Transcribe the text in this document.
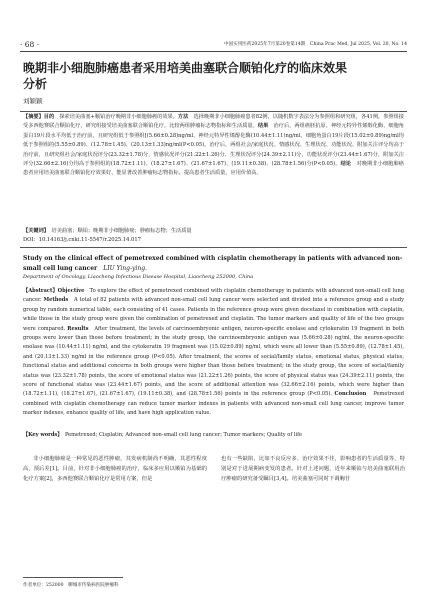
· 68 ·	中国实用医药2025年7月第20卷第14期　China Prac Med, Jul 2025, Vol. 20, No. 14
晚期非小细胞肺癌患者采用培美曲塞联合顺铂化疗的临床效果分析
刘颖颖

【摘要】目的　 探索培美曲塞+顺铂治疗晚期非小细胞肺癌的效果。方法　 选择晚期非小细胞肺癌患者82例，以随机数字表法分为参照组和研究组，各41例。参照组接受多西他赛联合顺铂化疗，研究组接受培美曲塞联合顺铂化疗。比较两组肿瘤标志物指标和生活质量。结果　 治疗后，两组癌胚抗原、神经元特异性烯醇化酶、细胞角蛋白19片段水平均低于治疗前，且研究组低于参照组[(5.66±0.28)ng/ml、神经元特异性烯醇化酶(10.44±1.11)ng/ml、细胞角蛋白19片段(15.02±0.89)ng/ml均低于参照组的(5.55±0.89)、(12.78±1.45)、(20.13±1.33)ng/ml(P<0.05)。治疗后，两组社会/家庭状况、情感状况、生理状况、功能状况、附加关注评分均高于治疗前，且研究组社会/家庭状况评分(23.32±1.78)分，情感状况评分(21.22±1.26)分，生理状况评分(24.39±2.11)分，功能状况评分(23.44±1.67)分，附加关注评分(32.66±2.16)分均高于参照组的(18.72±1.11)、(18.27±1.67)、(21.67±1.67)、(19.11±0.38)、(28.78±1.56)分(P<0.05)。结论　 对晚期非小细胞肺癌患者应用培美曲塞联合顺铂化疗效果好，能显著改善肿瘤标志物指标，提高患者生活质量，应用价值高。

【关键词】　 培美曲塞；顺铂；晚期非小细胞肺癌；肿瘤标志物；生活质量

DOI：10.14163/j.cnki.11-5547/r.2025.14.017

Study on the clinical effect of pemetrexed combined with cisplatin chemotherapy in patients with advanced non-small cell lung cancer　 LIU Ying-ying.

Department of Oncology, Liaocheng Infectious Disease Hospital, Liaocheng 252000, China

【Abstract】Objective　 To explore the effect of pemetrexed combined with cisplatin chemotherapy in patients with advanced non-small cell lung cancer. Methods　 A total of 82 patients with advanced non-small cell lung cancer were selected and divided into a reference group and a study group by random numerical table, each consisting of 41 cases. Patients in the reference group were given docetaxel in combination with cisplatin, while those in the study group were given the combination of pemetrexed and cisplatin. The tumor markers and quality of life of the two groups were compared. Results　 After treatment, the levels of carcinoembryonic antigen, neuron-specific enolase and cytokeratin 19 fragment in both groups were lower than those before treatment; in the study group, the carcinoembryonic antigen was (5.66±0.28) ng/ml, the neuron-specific enolase was (10.44±1.11) ng/ml, and the cytokeratin 19 fragment was (15.02±0.89) ng/ml, which were all lower than (5.55±0.89), (12.78±1.45), and (20.13±1.33) ng/ml in the reference group (P<0.05). After treatment, the scores of social/family status, emotional status, physical status, functional status and additional concerns in both groups were higher than those before treatment; in the study group, the score of social/family status was (23.32±1.78) points, the score of emotional status was (21.22±1.26) points, the score of physical status was (24.39±2.11) points, the score of functional status was (23.44±1.67) points, and the score of additional attention was (32.66±2.16) points, which were higher than (18.72±1.11), (18.27±1.67), (21.67±1.67), (19.11±0.38), and (28.78±1.56) points in the reference group (P<0.05). Conclusion　 Pemetrexed combined with cisplatin chemotherapy can reduce tumor marker indexes in patients with advanced non-small cell lung cancer, improve tumor marker indexes, enhance quality of life, and have high application value.

【Key words】　 Pemetrexed; Cisplatin; Advanced non-small cell lung cancer; Tumor markers; Quality of life

非小细胞肺癌是一种常见的恶性肿瘤，其发病机制尚不明确，其恶性程度高，预后差[1]。目前，针对非小细胞肺癌的治疗，临床多应用以顺铂为基础的化疗方案[2]，多西他赛联合顺铂化疗是常用方案，但是

也有一些缺陷，比如不良反应多、治疗效果不佳，影响患者的生活质量等，特别是对于进展期病变发的患者。针对上述问题，近年来顺铂与培美曲塞联用治疗肿瘤的研究备受瞩目[3,4]。培美曲塞可同时下调胸苷

作者单位：252000　聊城市传染病医院肿瘤科
